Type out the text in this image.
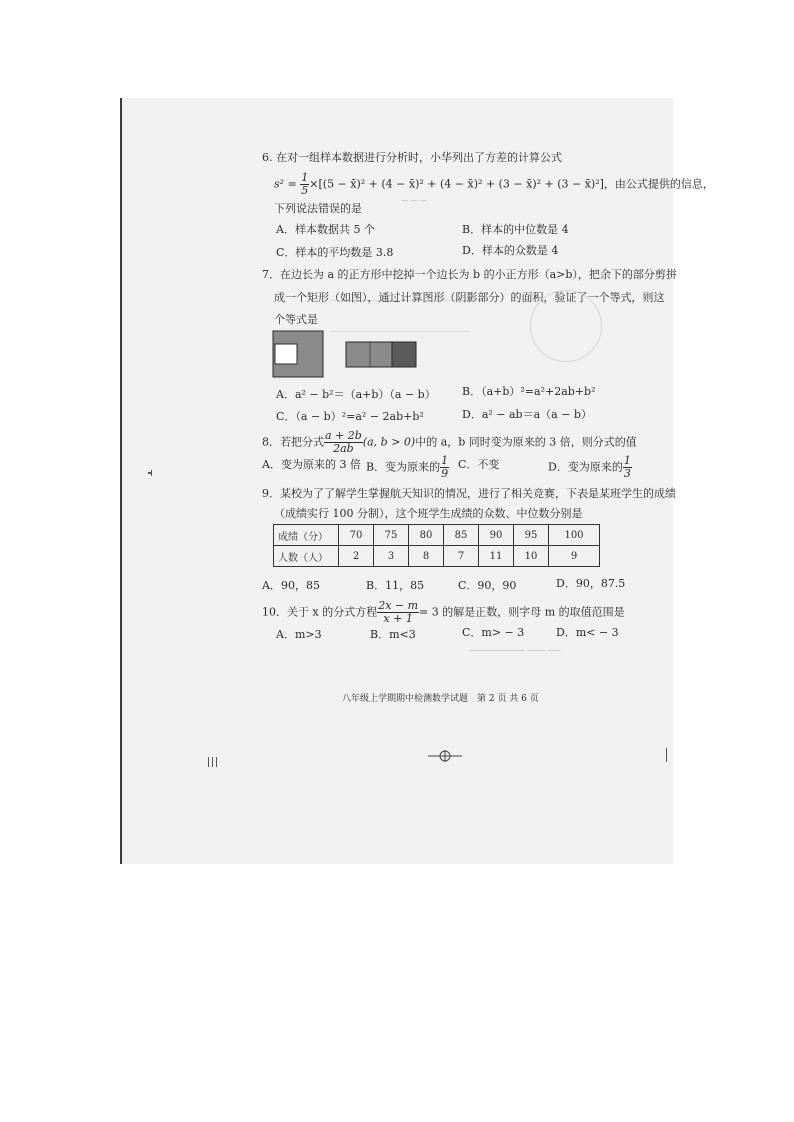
─ ─ ─
6. 在对一组样本数据进行分析时，小华列出了方差的计算公式
$s^2 = \frac{1}{5} \times[(5$ − x̄)² + (4 − x̄)² + (4 − x̄)² + (3 − x̄)² + (3 − x̄)²]，由公式提供的信息，
下列说法错误的是
A．样本数据共 5 个	B．样本的中位数是 4
C．样本的平均数是 3.8	D．样本的众数是 4
7．在边长为 a 的正方形中挖掉一个边长为 b 的小正方形（a>b），把余下的部分剪拼
成一个矩形（如图），通过计算图形（阴影部分）的面积，验证了一个等式，则这
个等式是
A．a² − b²＝（a+b）（a − b） B．（a+b）²=a²+2ab+b²
C．（a − b）²=a² − 2ab+b²	D．a² − ab＝a（a − b）
8．若把分式 $\frac{a + 2b}{2ab} (a$, b > 0)中的 a，b 同时变为原来的 3 倍，则分式的值
A．变为原来的 3 倍 B．变为原来的 $\frac{1}{9}$ C．不变	D．变为原来的 $\frac{1}{3}$
9．某校为了了解学生掌握航天知识的情况，进行了相关竞赛，下表是某班学生的成绩
（成绩实行 100 分制），这个班学生成绩的众数、中位数分别是
成绩（分）	70	75	80	85	90	95	100
人数（人）	2	3	8	7	11	10	9
A．90，85	B．11，85	C．90，90	D．90，87.5
10．关于 x 的分式方程 $\frac{2x - m}{x + 1} = 3$ 的解是正数，则字母 m 的取值范围是
A．m>3	B．m<3	C．m> − 3	D．m< − 3
───────── ─── ──
八年级上学期期中检测数学试题　第 2 页 共 6 页
